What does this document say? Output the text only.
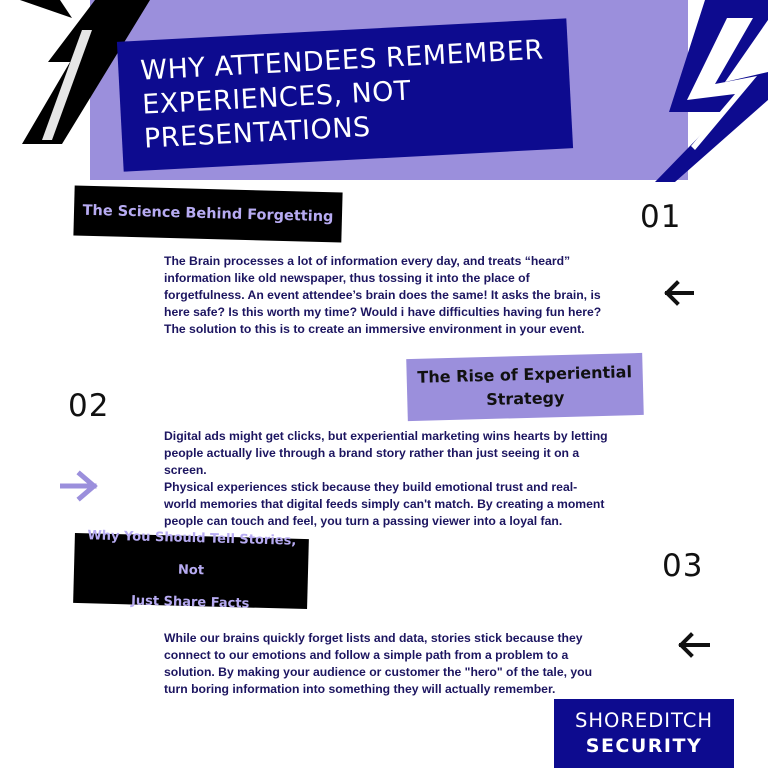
WHY ATTENDEES REMEMBER
EXPERIENCES, NOT
PRESENTATIONS
The Science Behind Forgetting	01

The Brain processes a lot of information every day, and treats “heard” information like old newspaper, thus tossing it into the place of forgetfulness. An event attendee’s brain does the same! It asks the brain, is here safe? Is this worth my time? Would i have difficulties having fun here? The solution to this is to create an immersive environment in your event.

The Rise of Experiential
Strategy
02

Digital ads might get clicks, but experiential marketing wins hearts by letting people actually live through a brand story rather than just seeing it on a screen.
Physical experiences stick because they build emotional trust and real-world memories that digital feeds simply can't match. By creating a moment people can touch and feel, you turn a passing viewer into a loyal fan.

Why You Should Tell Stories, Not
Just Share Facts
03

While our brains quickly forget lists and data, stories stick because they connect to our emotions and follow a simple path from a problem to a solution. By making your audience or customer the "hero" of the tale, you turn boring information into something they will actually remember.

SHOREDITCH
SECURITY
